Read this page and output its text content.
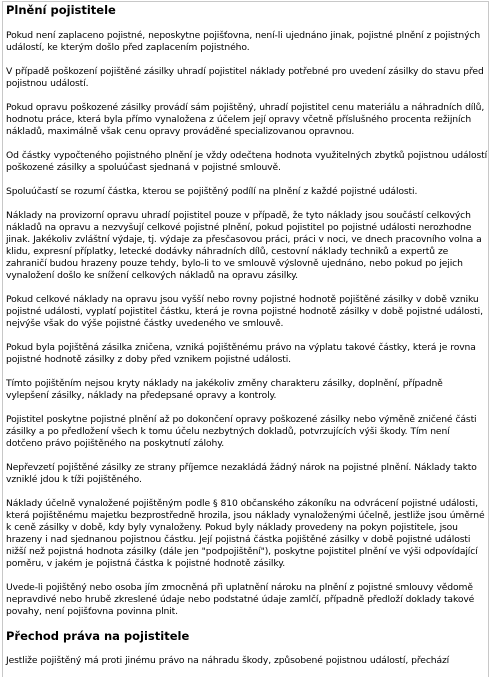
Plnění pojistitele

Pokud není zaplaceno pojistné, neposkytne pojišťovna, není-li ujednáno jinak, pojistné plnění z pojistných událostí, ke kterým došlo před zaplacením pojistného.

V případě poškození pojištěné zásilky uhradí pojistitel náklady potřebné pro uvedení zásilky do stavu před pojistnou událostí.

Pokud opravu poškozené zásilky provádí sám pojištěný, uhradí pojistitel cenu materiálu a náhradních dílů, hodnotu práce, která byla přímo vynaložena z účelem její opravy včetně příslušného procenta režijních nákladů, maximálně však cenu opravy prováděné specializovanou opravnou.

Od částky vypočteného pojistného plnění je vždy odečtena hodnota využitelných zbytků pojistnou událostí poškozené zásilky a spoluúčast sjednaná v pojistné smlouvě.

Spoluúčastí se rozumí částka, kterou se pojištěný podílí na plnění z každé pojistné události.

Náklady na provizorní opravu uhradí pojistitel pouze v případě, že tyto náklady jsou součástí celkových nákladů na opravu a nezvyšují celkové pojistné plnění, pokud pojistitel po pojistné události nerozhodne jinak. Jakékoliv zvláštní výdaje, tj. výdaje za přesčasovou práci, práci v noci, ve dnech pracovního volna a klidu, expresní příplatky, letecké dodávky náhradních dílů, cestovní náklady techniků a expertů ze zahraničí budou hrazeny pouze tehdy, bylo-li to ve smlouvě výslovně ujednáno, nebo pokud po jejich vynaložení došlo ke snížení celkových nákladů na opravu zásilky.

Pokud celkové náklady na opravu jsou vyšší nebo rovny pojistné hodnotě pojištěné zásilky v době vzniku pojistné události, vyplatí pojistitel částku, která je rovna pojistné hodnotě zásilky v době pojistné události, nejvýše však do výše pojistné částky uvedeného ve smlouvě.

Pokud byla pojištěná zásilka zničena, vzniká pojištěnému právo na výplatu takové částky, která je rovna pojistné hodnotě zásilky z doby před vznikem pojistné události.

Tímto pojištěním nejsou kryty náklady na jakékoliv změny charakteru zásilky, doplnění, případně vylepšení zásilky, náklady na předepsané opravy a kontroly.

Pojistitel poskytne pojistné plnění až po dokončení opravy poškozené zásilky nebo výměně zničené části zásilky a po předložení všech k tomu účelu nezbytných dokladů, potvrzujících výši škody. Tím není dotčeno právo pojištěného na poskytnutí zálohy.

Nepřevzetí pojištěné zásilky ze strany příjemce nezakládá žádný nárok na pojistné plnění. Náklady takto vzniklé jdou k tíži pojištěného.

Náklady účelně vynaložené pojištěným podle § 810 občanského zákoníku na odvrácení pojistné události, která pojištěnému majetku bezprostředně hrozila, jsou náklady vynaloženými účelně, jestliže jsou úměrné k ceně zásilky v době, kdy byly vynaloženy. Pokud byly náklady provedeny na pokyn pojistitele, jsou hrazeny i nad sjednanou pojistnou částku. Její pojistná částka pojištěné zásilky v době pojistné události nižší než pojistná hodnota zásilky (dále jen "podpojištění"), poskytne pojistitel plnění ve výši odpovídající poměru, v jakém je pojistná částka k pojistné hodnotě zásilky.

Uvede-li pojištěný nebo osoba jím zmocněná při uplatnění nároku na plnění z pojistné smlouvy vědomě nepravdivé nebo hrubě zkreslené údaje nebo podstatné údaje zamlčí, případně předloží doklady takové povahy, není pojišťovna povinna plnit.

Přechod práva na pojistitele

Jestliže pojištěný má proti jinému právo na náhradu škody, způsobené pojistnou událostí, přechází
